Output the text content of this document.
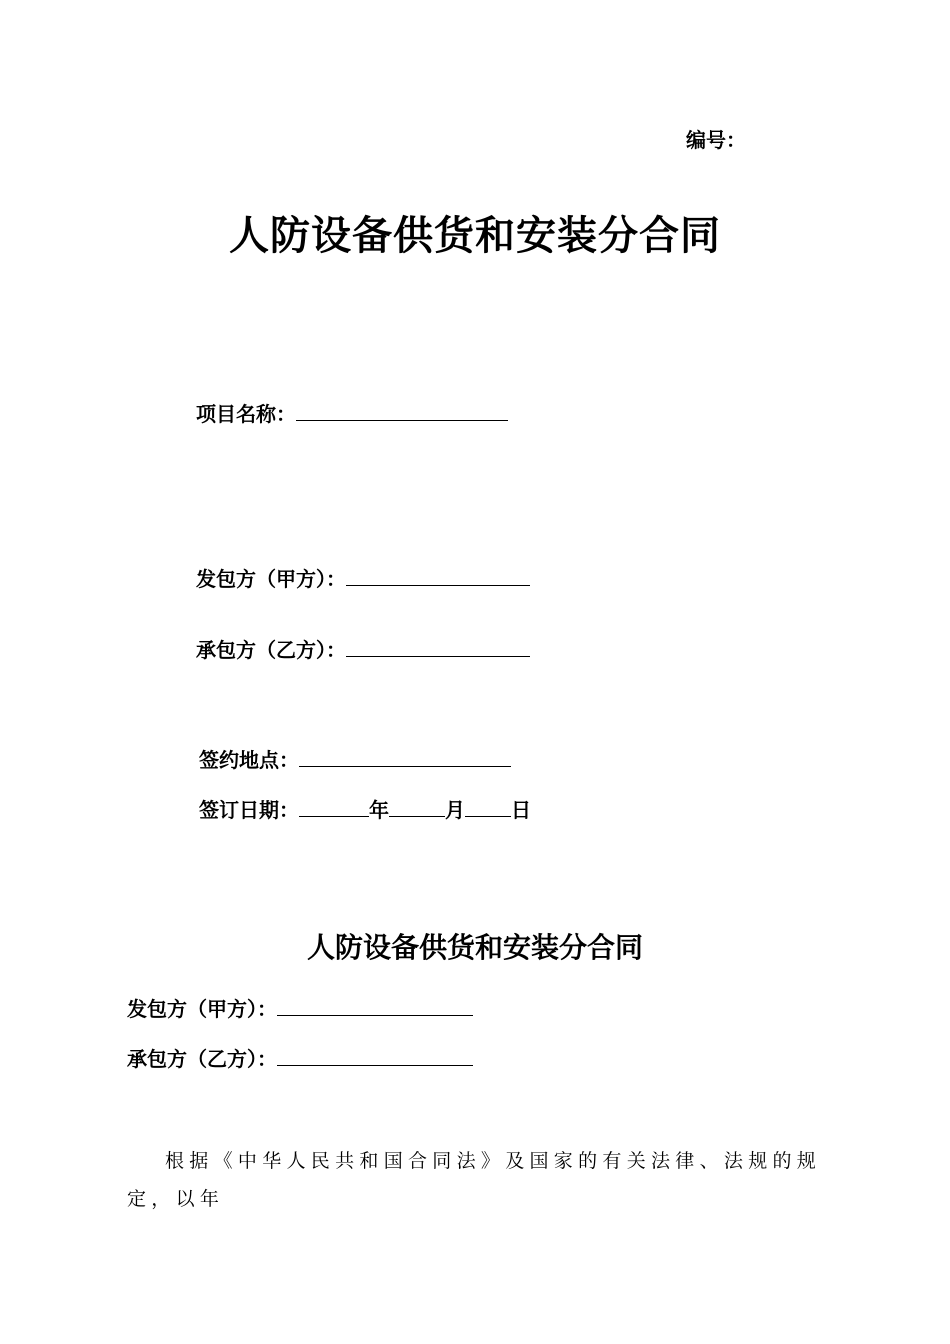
编号：
人防设备供货和安装分合同
项目名称：
发包方（甲方）：
承包方（乙方）：
签约地点：
签订日期：	年	月 日
人防设备供货和安装分合同
发包方（甲方）：
承包方（乙方）：
根据《中华人民共和国合同法》及国家的有关法律、法规的规定，以年
